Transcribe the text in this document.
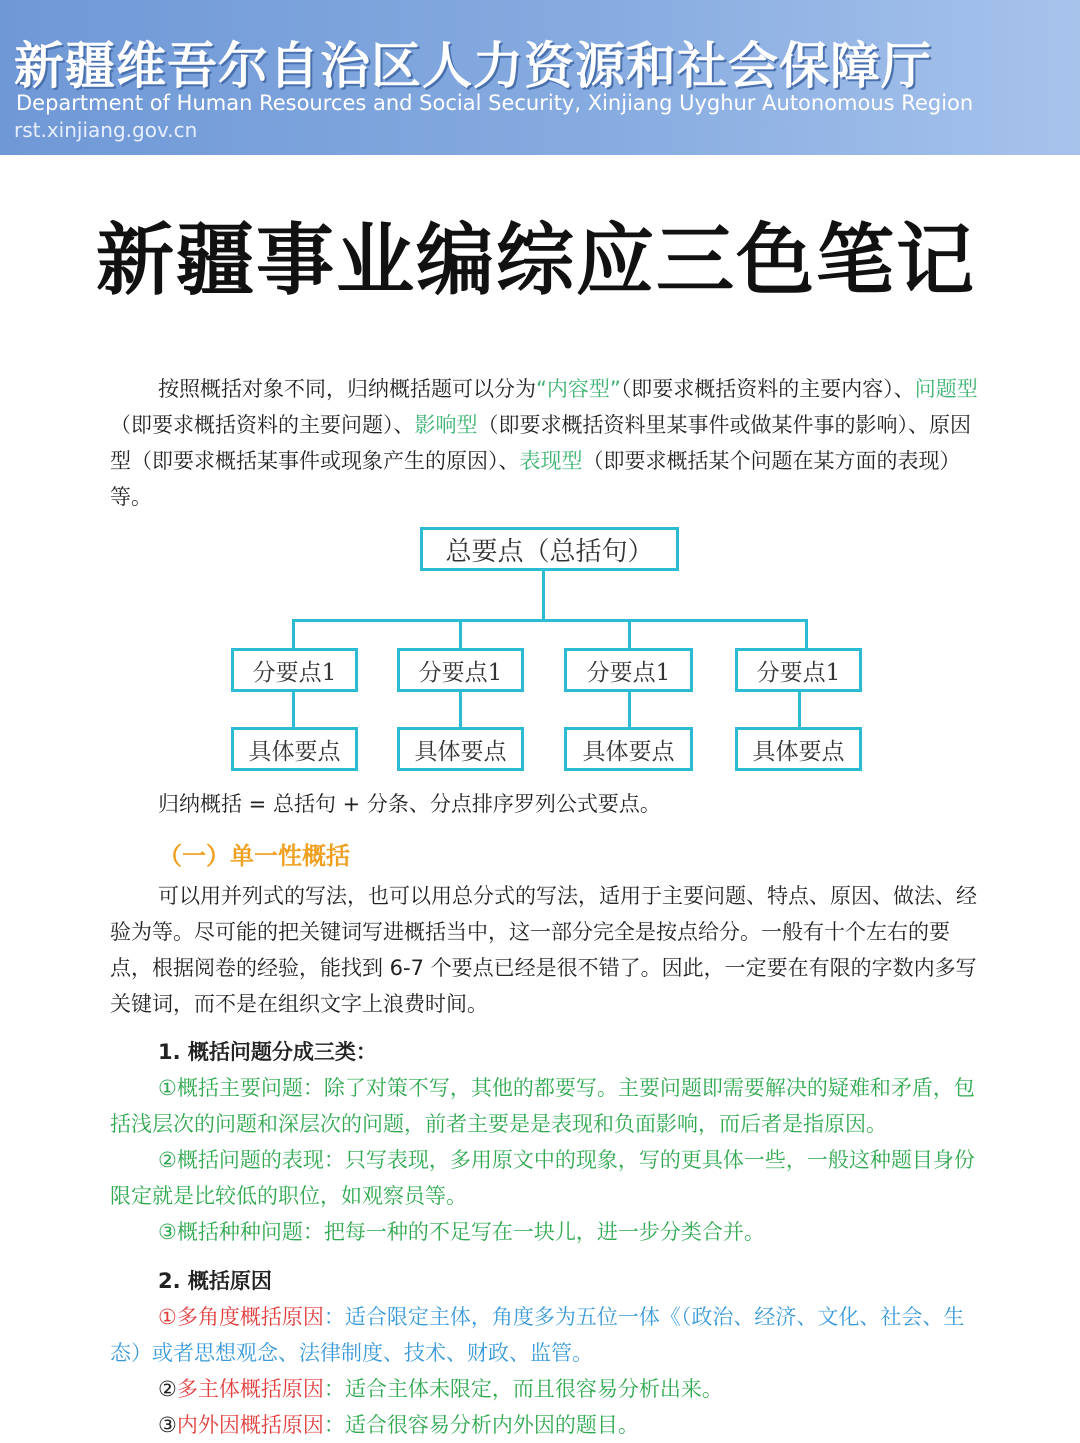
新疆维吾尔自治区人力资源和社会保障厅
Department of Human Resources and Social Security, Xinjiang Uyghur Autonomous Region
rst.xinjiang.gov.cn
新疆事业编综应三色笔记

按照概括对象不同，归纳概括题可以分为“内容型”（即要求概括资料的主要内容）、问题型（即要求概括资料的主要问题）、影响型（即要求概括资料里某事件或做某件事的影响）、原因型（即要求概括某事件或现象产生的原因）、表现型（即要求概括某个问题在某方面的表现）等。

总要点（总括句）
分要点1	分要点1	分要点1	分要点1
具体要点	具体要点	具体要点	具体要点

归纳概括 = 总括句 + 分条、分点排序罗列公式要点。

（一）单一性概括

可以用并列式的写法，也可以用总分式的写法，适用于主要问题、特点、原因、做法、经验为等。尽可能的把关键词写进概括当中，这一部分完全是按点给分。一般有十个左右的要点，根据阅卷的经验，能找到 6-7 个要点已经是很不错了。因此，一定要在有限的字数内多写关键词，而不是在组织文字上浪费时间。

1. 概括问题分成三类：

①概括主要问题：除了对策不写，其他的都要写。主要问题即需要解决的疑难和矛盾，包括浅层次的问题和深层次的问题，前者主要是是表现和负面影响，而后者是指原因。

②概括问题的表现：只写表现，多用原文中的现象，写的更具体一些，一般这种题目身份限定就是比较低的职位，如观察员等。

③概括种种问题：把每一种的不足写在一块儿，进一步分类合并。

2. 概括原因

①多角度概括原因：适合限定主体，角度多为五位一体《（政治、经济、文化、社会、生态）或者思想观念、法律制度、技术、财政、监管。

②多主体概括原因：适合主体未限定，而且很容易分析出来。

③内外因概括原因：适合很容易分析内外因的题目。
